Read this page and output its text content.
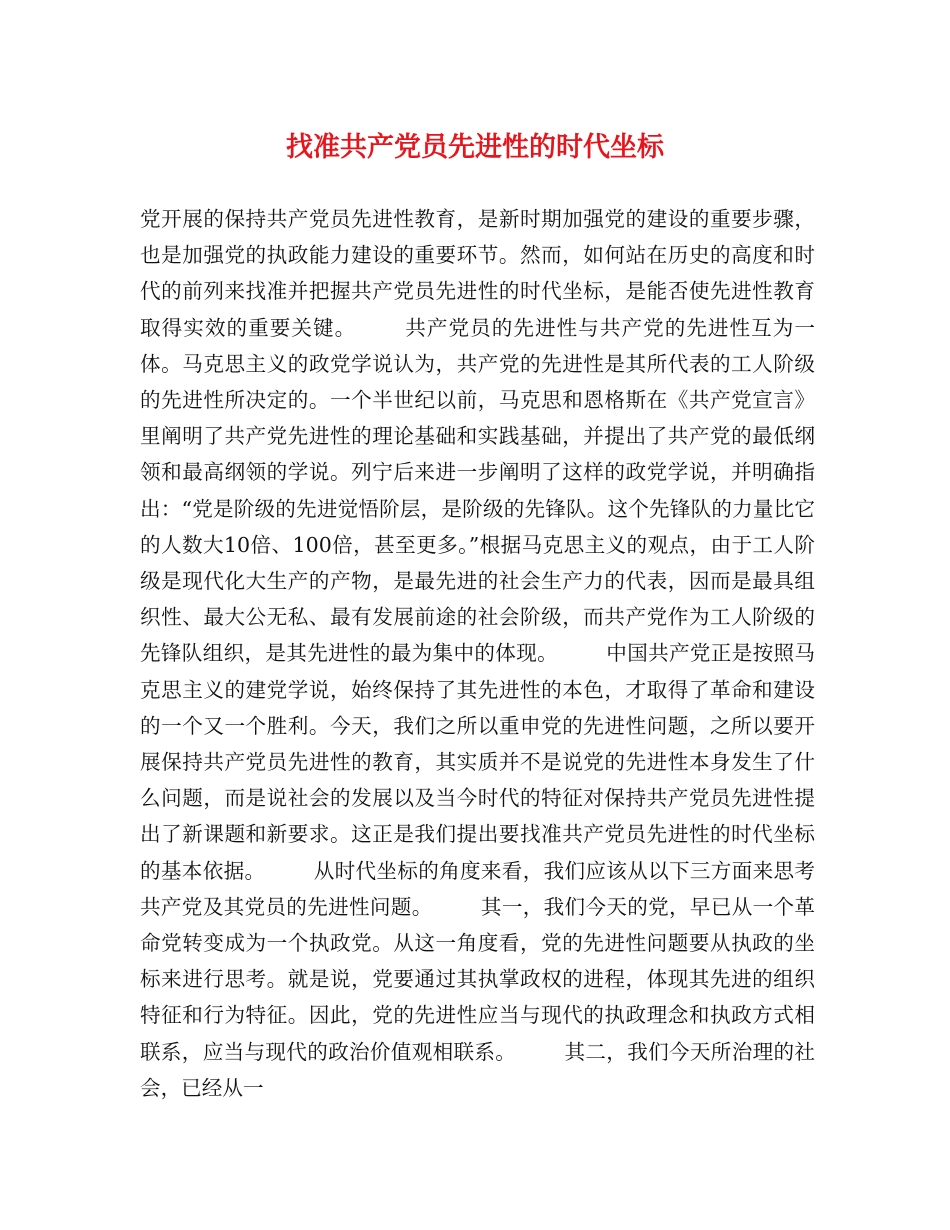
找准共产党员先进性的时代坐标

党开展的保持共产党员先进性教育，是新时期加强党的建设的重要步骤，也是加强党的执政能力建设的重要环节。然而，如何站在历史的高度和时代的前列来找准并把握共产党员先进性的时代坐标，是能否使先进性教育取得实效的重要关键。 共产党员的先进性与共产党的先进性互为一体。马克思主义的政党学说认为，共产党的先进性是其所代表的工人阶级的先进性所决定的。一个半世纪以前，马克思和恩格斯在《共产党宣言》里阐明了共产党先进性的理论基础和实践基础，并提出了共产党的最低纲领和最高纲领的学说。列宁后来进一步阐明了这样的政党学说，并明确指出：“党是阶级的先进觉悟阶层，是阶级的先锋队。这个先锋队的力量比它的人数大10倍、100倍，甚至更多。”根据马克思主义的观点，由于工人阶级是现代化大生产的产物，是最先进的社会生产力的代表，因而是最具组织性、最大公无私、最有发展前途的社会阶级，而共产党作为工人阶级的先锋队组织，是其先进性的最为集中的体现。 中国共产党正是按照马克思主义的建党学说，始终保持了其先进性的本色，才取得了革命和建设的一个又一个胜利。今天，我们之所以重申党的先进性问题，之所以要开展保持共产党员先进性的教育，其实质并不是说党的先进性本身发生了什么问题，而是说社会的发展以及当今时代的特征对保持共产党员先进性提出了新课题和新要求。这正是我们提出要找准共产党员先进性的时代坐标的基本依据。 从时代坐标的角度来看，我们应该从以下三方面来思考共产党及其党员的先进性问题。 其一，我们今天的党，早已从一个革命党转变成为一个执政党。从这一角度看，党的先进性问题要从执政的坐标来进行思考。就是说，党要通过其执掌政权的进程，体现其先进的组织特征和行为特征。因此，党的先进性应当与现代的执政理念和执政方式相联系，应当与现代的政治价值观相联系。 其二，我们今天所治理的社会，已经从一
